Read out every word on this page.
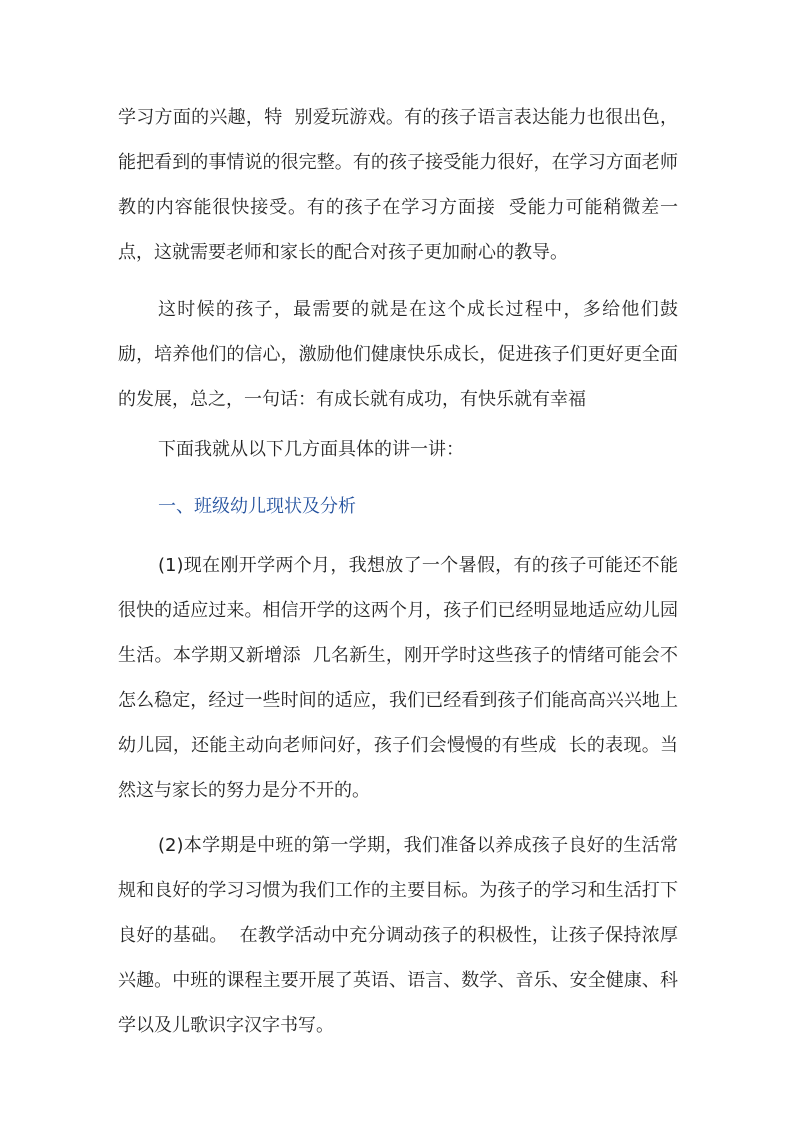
学习方面的兴趣，特  别爱玩游戏。有的孩子语言表达能力也很出色，能把看到的事情说的很完整。有的孩子接受能力很好，在学习方面老师教的内容能很快接受。有的孩子在学习方面接  受能力可能稍微差一点，这就需要老师和家长的配合对孩子更加耐心的教导。

这时候的孩子，最需要的就是在这个成长过程中，多给他们鼓励，培养他们的信心，激励他们健康快乐成长，促进孩子们更好更全面的发展，总之，一句话：有成长就有成功，有快乐就有幸福

下面我就从以下几方面具体的讲一讲：

一、班级幼儿现状及分析

(1)现在刚开学两个月，我想放了一个暑假，有的孩子可能还不能很快的适应过来。相信开学的这两个月，孩子们已经明显地适应幼儿园生活。本学期又新增添  几名新生，刚开学时这些孩子的情绪可能会不怎么稳定，经过一些时间的适应，我们已经看到孩子们能高高兴兴地上幼儿园，还能主动向老师问好，孩子们会慢慢的有些成  长的表现。当然这与家长的努力是分不开的。

(2)本学期是中班的第一学期，我们准备以养成孩子良好的生活常规和良好的学习习惯为我们工作的主要目标。为孩子的学习和生活打下良好的基础。  在教学活动中充分调动孩子的积极性，让孩子保持浓厚兴趣。中班的课程主要开展了英语、语言、数学、音乐、安全健康、科学以及儿歌识字汉字书写。
